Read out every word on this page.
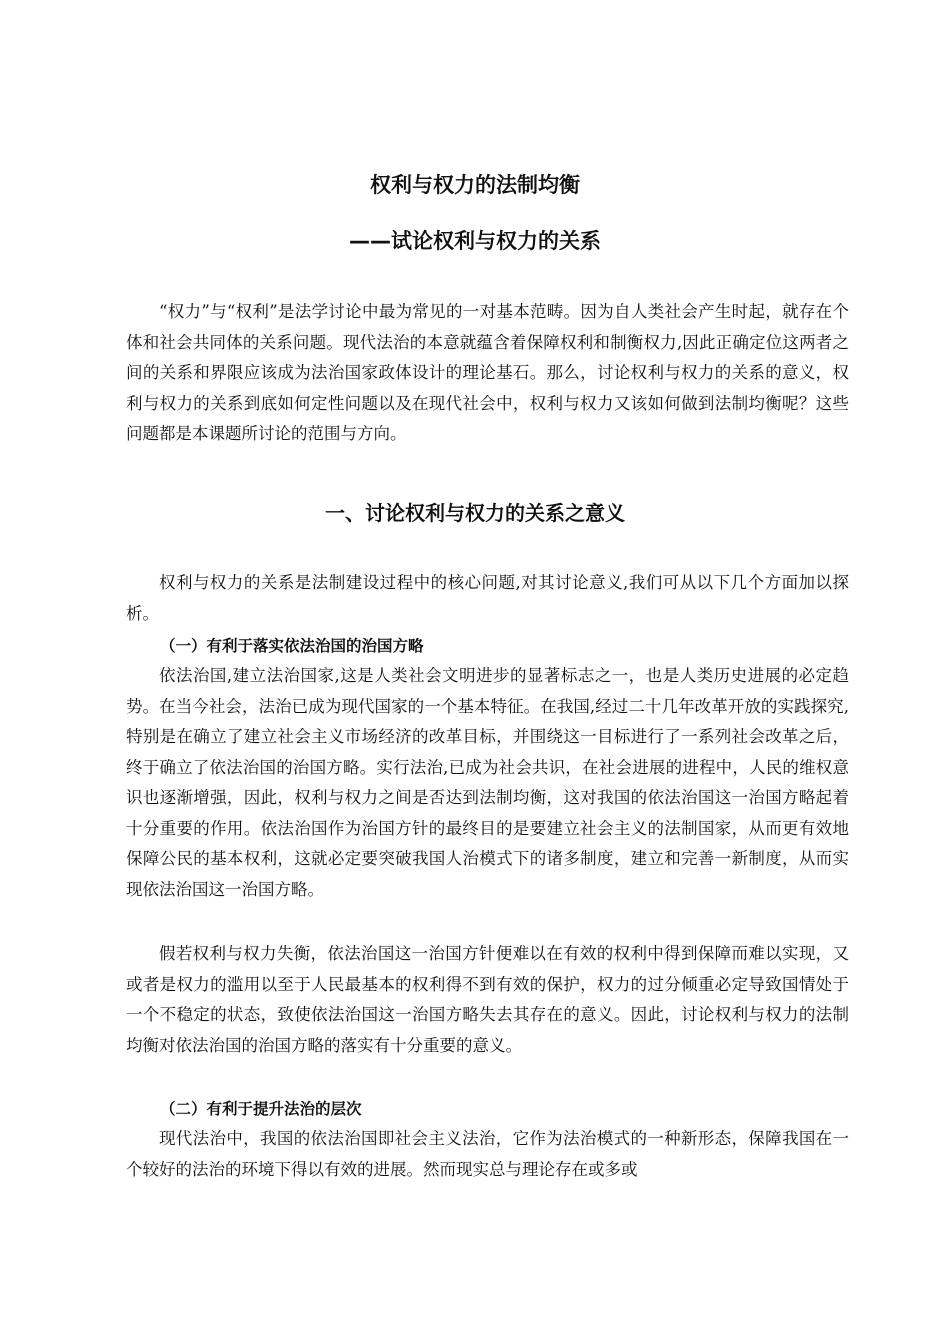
权利与权力的法制均衡
——试论权利与权力的关系

“权力”与“权利”是法学讨论中最为常见的一对基本范畴。因为自人类社会产生时起，就存在个体和社会共同体的关系问题。现代法治的本意就蕴含着保障权利和制衡权力,因此正确定位这两者之间的关系和界限应该成为法治国家政体设计的理论基石。那么，讨论权利与权力的关系的意义，权利与权力的关系到底如何定性问题以及在现代社会中，权利与权力又该如何做到法制均衡呢？这些问题都是本课题所讨论的范围与方向。

一、讨论权利与权力的关系之意义

权利与权力的关系是法制建设过程中的核心问题,对其讨论意义,我们可从以下几个方面加以探析。

（一）有利于落实依法治国的治国方略

依法治国,建立法治国家,这是人类社会文明进步的显著标志之一，也是人类历史进展的必定趋势。在当今社会，法治已成为现代国家的一个基本特征。在我国,经过二十几年改革开放的实践探究,特别是在确立了建立社会主义市场经济的改革目标，并围绕这一目标进行了一系列社会改革之后，终于确立了依法治国的治国方略。实行法治,已成为社会共识，在社会进展的进程中，人民的维权意识也逐渐增强，因此，权利与权力之间是否达到法制均衡，这对我国的依法治国这一治国方略起着十分重要的作用。依法治国作为治国方针的最终目的是要建立社会主义的法制国家，从而更有效地保障公民的基本权利，这就必定要突破我国人治模式下的诸多制度，建立和完善一新制度，从而实现依法治国这一治国方略。

假若权利与权力失衡，依法治国这一治国方针便难以在有效的权利中得到保障而难以实现，又或者是权力的滥用以至于人民最基本的权利得不到有效的保护，权力的过分倾重必定导致国情处于一个不稳定的状态，致使依法治国这一治国方略失去其存在的意义。因此，讨论权利与权力的法制均衡对依法治国的治国方略的落实有十分重要的意义。

（二）有利于提升法治的层次

现代法治中，我国的依法治国即社会主义法治，它作为法治模式的一种新形态，保障我国在一个较好的法治的环境下得以有效的进展。然而现实总与理论存在或多或
